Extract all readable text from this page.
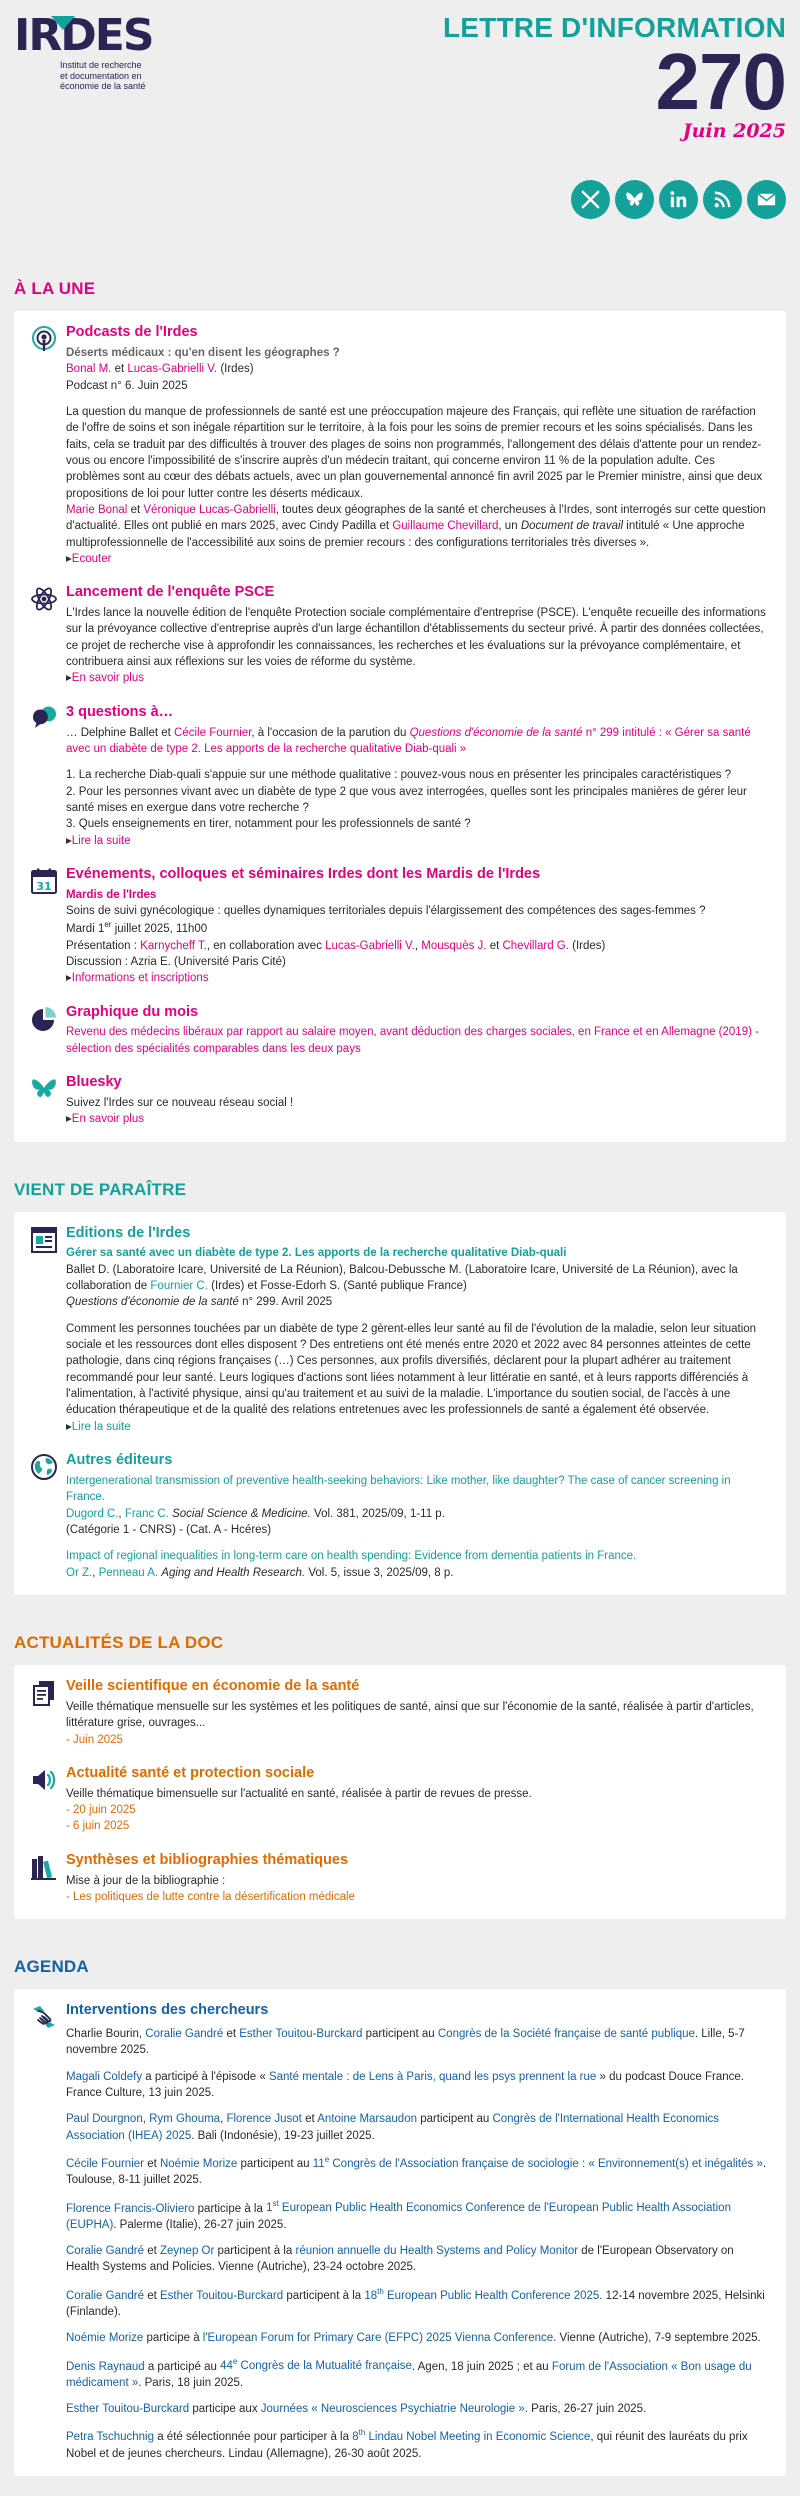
IRDES
Institut de recherche
et documentation en
économie de la santé
LETTRE D'INFORMATION
270
Juin 2025
À LA UNE
Podcasts de l'Irdes
Déserts médicaux : qu'en disent les géographes ?
Bonal M. et Lucas-Gabrielli V. (Irdes)
Podcast n° 6. Juin 2025
La question du manque de professionnels de santé est une préoccupation majeure des Français, qui reflète une situation de raréfaction de l'offre de soins et son inégale répartition sur le territoire, à la fois pour les soins de premier recours et les soins spécialisés. Dans les faits, cela se traduit par des difficultés à trouver des plages de soins non programmés, l'allongement des délais d'attente pour un rendez-vous ou encore l'impossibilité de s'inscrire auprès d'un médecin traitant, qui concerne environ 11 % de la population adulte. Ces problèmes sont au cœur des débats actuels, avec un plan gouvernemental annoncé fin avril 2025 par le Premier ministre, ainsi que deux propositions de loi pour lutter contre les déserts médicaux.
Marie Bonal et Véronique Lucas-Gabrielli, toutes deux géographes de la santé et chercheuses à l'Irdes, sont interrogés sur cette question d'actualité. Elles ont publié en mars 2025, avec Cindy Padilla et Guillaume Chevillard, un Document de travail intitulé « Une approche multiprofessionnelle de l'accessibilité aux soins de premier recours : des configurations territoriales très diverses ».
▸ Ecouter
Lancement de l'enquête PSCE
L'Irdes lance la nouvelle édition de l'enquête Protection sociale complémentaire d'entreprise (PSCE). L'enquête recueille des informations sur la prévoyance collective d'entreprise auprès d'un large échantillon d'établissements du secteur privé. À partir des données collectées, ce projet de recherche vise à approfondir les connaissances, les recherches et les évaluations sur la prévoyance complémentaire, et contribuera ainsi aux réflexions sur les voies de réforme du système.
▸ En savoir plus
3 questions à…
… Delphine Ballet et Cécile Fournier, à l'occasion de la parution du Questions d'économie de la santé n° 299 intitulé : « Gérer sa santé avec un diabète de type 2. Les apports de la recherche qualitative Diab-quali »
1. La recherche Diab-quali s'appuie sur une méthode qualitative : pouvez-vous nous en présenter les principales caractéristiques ?
2. Pour les personnes vivant avec un diabète de type 2 que vous avez interrogées, quelles sont les principales manières de gérer leur santé mises en exergue dans votre recherche ?
3. Quels enseignements en tirer, notamment pour les professionnels de santé ?
▸ Lire la suite
31
Evénements, colloques et séminaires Irdes dont les Mardis de l'Irdes
Mardis de l'Irdes
Soins de suivi gynécologique : quelles dynamiques territoriales depuis l'élargissement des compétences des sages-femmes ?
Mardi 1er juillet 2025, 11h00
Présentation : Karnycheff T., en collaboration avec Lucas-Gabrielli V., Mousquès J. et Chevillard G. (Irdes)
Discussion : Azria E. (Université Paris Cité)
▸ Informations et inscriptions
Graphique du mois
Revenu des médecins libéraux par rapport au salaire moyen, avant déduction des charges sociales, en France et en Allemagne (2019) - sélection des spécialités comparables dans les deux pays
Bluesky
Suivez l'Irdes sur ce nouveau réseau social !
▸ En savoir plus
VIENT DE PARAÎTRE
Editions de l'Irdes
Gérer sa santé avec un diabète de type 2. Les apports de la recherche qualitative Diab-quali
Ballet D. (Laboratoire Icare, Université de La Réunion), Balcou-Debussche M. (Laboratoire Icare, Université de La Réunion), avec la collaboration de Fournier C. (Irdes) et Fosse-Edorh S. (Santé publique France)
Questions d'économie de la santé n° 299. Avril 2025
Comment les personnes touchées par un diabète de type 2 gèrent-elles leur santé au fil de l'évolution de la maladie, selon leur situation sociale et les ressources dont elles disposent ? Des entretiens ont été menés entre 2020 et 2022 avec 84 personnes atteintes de cette pathologie, dans cinq régions françaises (…) Ces personnes, aux profils diversifiés, déclarent pour la plupart adhérer au traitement recommandé pour leur santé. Leurs logiques d'actions sont liées notamment à leur littératie en santé, et à leurs rapports différenciés à l'alimentation, à l'activité physique, ainsi qu'au traitement et au suivi de la maladie. L'importance du soutien social, de l'accès à une éducation thérapeutique et de la qualité des relations entretenues avec les professionnels de santé a également été observée.
▸ Lire la suite
Autres éditeurs
Intergenerational transmission of preventive health-seeking behaviors: Like mother, like daughter? The case of cancer screening in France.
Dugord C., Franc C. Social Science & Medicine. Vol. 381, 2025/09, 1-11 p.
(Catégorie 1 - CNRS) - (Cat. A - Hcéres)
Impact of regional inequalities in long-term care on health spending: Evidence from dementia patients in France.
Or Z., Penneau A. Aging and Health Research. Vol. 5, issue 3, 2025/09, 8 p.
ACTUALITÉS DE LA DOC
Veille scientifique en économie de la santé
Veille thématique mensuelle sur les systèmes et les politiques de santé, ainsi que sur l'économie de la santé, réalisée à partir d'articles, littérature grise, ouvrages...
- Juin 2025
Actualité santé et protection sociale
Veille thématique bimensuelle sur l'actualité en santé, réalisée à partir de revues de presse.
- 20 juin 2025
- 6 juin 2025
Synthèses et bibliographies thématiques
Mise à jour de la bibliographie :
- Les politiques de lutte contre la désertification médicale
AGENDA
Interventions des chercheurs
Charlie Bourin, Coralie Gandré et Esther Touitou-Burckard participent au Congrès de la Société française de santé publique. Lille, 5-7 novembre 2025.
Magali Coldefy a participé à l'épisode « Santé mentale : de Lens à Paris, quand les psys prennent la rue » du podcast Douce France. France Culture, 13 juin 2025.
Paul Dourgnon, Rym Ghouma, Florence Jusot et Antoine Marsaudon participent au Congrès de l'International Health Economics Association (IHEA) 2025. Bali (Indonésie), 19-23 juillet 2025.
Cécile Fournier et Noémie Morize participent au 11e Congrès de l'Association française de sociologie : « Environnement(s) et inégalités ». Toulouse, 8-11 juillet 2025.
Florence Francis-Oliviero participe à la 1st European Public Health Economics Conference de l'European Public Health Association (EUPHA). Palerme (Italie), 26-27 juin 2025.
Coralie Gandré et Zeynep Or participent à la réunion annuelle du Health Systems and Policy Monitor de l'European Observatory on Health Systems and Policies. Vienne (Autriche), 23-24 octobre 2025.
Coralie Gandré et Esther Touitou-Burckard participent à la 18th European Public Health Conference 2025. 12-14 novembre 2025, Helsinki (Finlande).
Noémie Morize participe à l'European Forum for Primary Care (EFPC) 2025 Vienna Conference. Vienne (Autriche), 7-9 septembre 2025.
Denis Raynaud a participé au 44e Congrès de la Mutualité française. Agen, 18 juin 2025 ; et au Forum de l'Association « Bon usage du médicament ». Paris, 18 juin 2025.
Esther Touitou-Burckard participe aux Journées « Neurosciences Psychiatrie Neurologie ». Paris, 26-27 juin 2025.
Petra Tschuchnig a été sélectionnée pour participer à la 8th Lindau Nobel Meeting in Economic Science, qui réunit des lauréats du prix Nobel et de jeunes chercheurs. Lindau (Allemagne), 26-30 août 2025.
